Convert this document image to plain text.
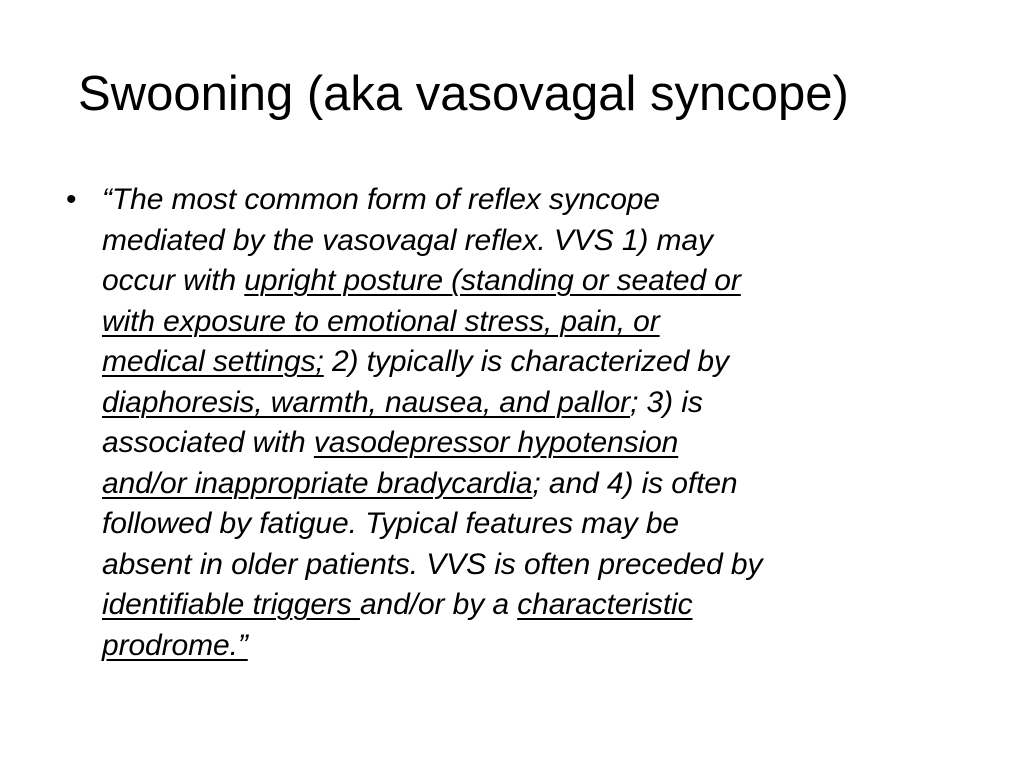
Swooning (aka vasovagal syncope)
• “The most common form of reflex syncope
mediated by the vasovagal reflex. VVS 1) may
occur with upright posture (standing or seated or
with exposure to emotional stress, pain, or
medical settings; 2) typically is characterized by
diaphoresis, warmth, nausea, and pallor; 3) is
associated with vasodepressor hypotension
and/or inappropriate bradycardia; and 4) is often
followed by fatigue. Typical features may be
absent in older patients. VVS is often preceded by
identifiable triggers and/or by a characteristic
prodrome.”
